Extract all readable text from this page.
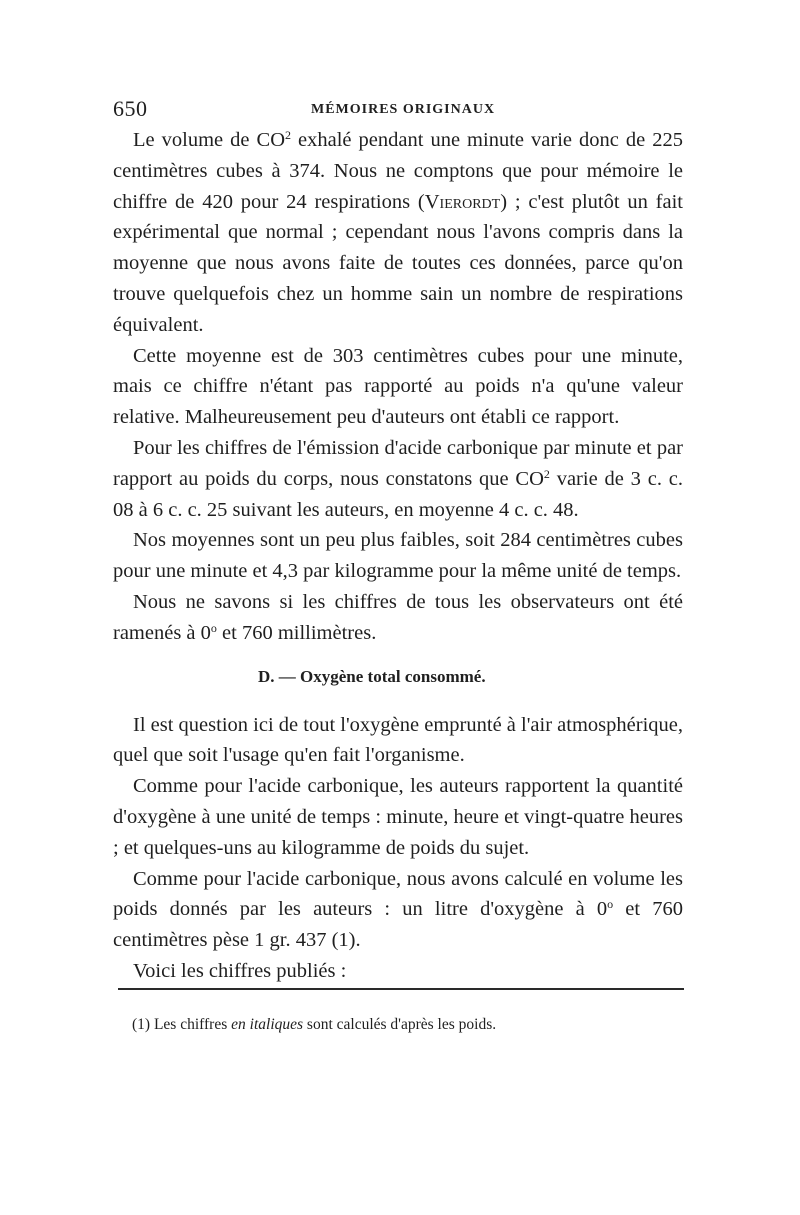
650	MÉMOIRES ORIGINAUX

Le volume de $CO^2$ exhalé pendant une minute varie donc de 225 centimètres cubes à 374. Nous ne comptons que pour mémoire le chiffre de 420 pour 24 respirations (Vierordt) ; c'est plutôt un fait expérimental que normal ; cependant nous l'avons compris dans la moyenne que nous avons faite de toutes ces données, parce qu'on trouve quelquefois chez un homme sain un nombre de respirations équivalent.

Cette moyenne est de 303 centimètres cubes pour une minute, mais ce chiffre n'étant pas rapporté au poids n'a qu'une valeur relative. Malheureusement peu d'auteurs ont établi ce rapport.

Pour les chiffres de l'émission d'acide carbonique par minute et par rapport au poids du corps, nous constatons que $CO^2$ varie de 3 c. c. 08 à 6 c. c. 25 suivant les auteurs, en moyenne 4 c. c. 48.

Nos moyennes sont un peu plus faibles, soit 284 centimètres cubes pour une minute et 4,3 par kilogramme pour la même unité de temps.

Nous ne savons si les chiffres de tous les observateurs ont été ramenés à 0$^o$ et 760 millimètres.

D. — Oxygène total consommé.

Il est question ici de tout l'oxygène emprunté à l'air atmosphérique, quel que soit l'usage qu'en fait l'organisme.

Comme pour l'acide carbonique, les auteurs rapportent la quantité d'oxygène à une unité de temps : minute, heure et vingt-quatre heures ; et quelques-uns au kilogramme de poids du sujet.

Comme pour l'acide carbonique, nous avons calculé en volume les poids donnés par les auteurs : un litre d'oxygène à 0$^o$ et 760 centimètres pèse 1 gr. 437 (1).

Voici les chiffres publiés :

(1) Les chiffres en italiques sont calculés d'après les poids.
